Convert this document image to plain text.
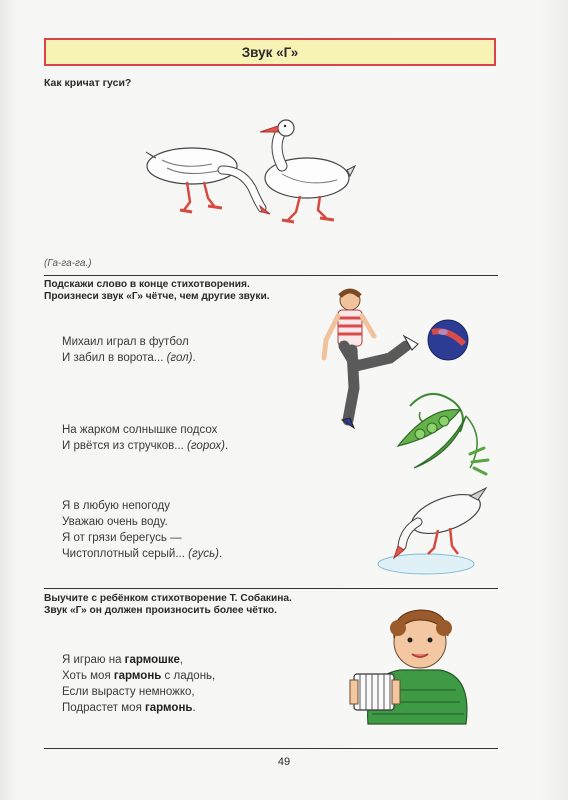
Звук «Г»
Как кричат гуси?
(Га-га-га.)
Подскажи слово в конце стихотворения.
Произнеси звук «Г» чётче, чем другие звуки.
Михаил играл в футбол
И забил в ворота... (гол).
На жарком солнышке подсох
И рвётся из стручков... (горох).
Я в любую непогоду
Уважаю очень воду.
Я от грязи берегусь —
Чистоплотный серый... (гусь).
Выучите с ребёнком стихотворение Т. Собакина.
Звук «Г» он должен произносить более чётко.
Я играю на гармошке,
Хоть моя гармонь с ладонь,
Если вырасту немножко,
Подрастет моя гармонь.
49
